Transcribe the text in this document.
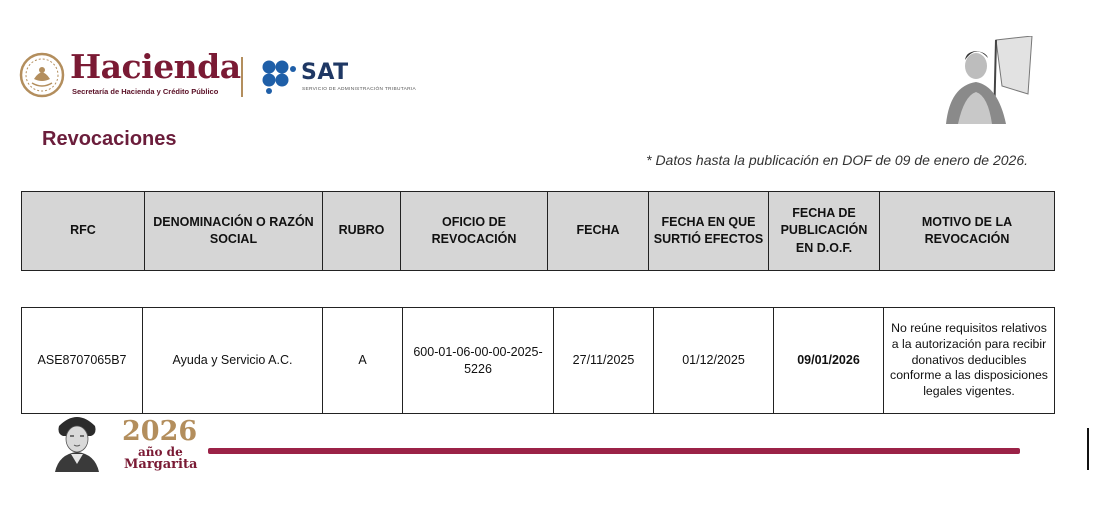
Hacienda
Secretaría de Hacienda y Crédito Público
SAT
SERVICIO DE ADMINISTRACIÓN TRIBUTARIA
Revocaciones
* Datos hasta la publicación en DOF de 09 de enero de 2026.
RFC	DENOMINACIÓN O RAZÓN SOCIAL	RUBRO	OFICIO DE REVOCACIÓN	FECHA	FECHA EN QUE SURTIÓ EFECTOS	FECHA DE PUBLICACIÓN EN D.O.F.	MOTIVO DE LA REVOCACIÓN
ASE8707065B7	Ayuda y Servicio A.C.	A	600-01-06-00-00-2025-5226	27/11/2025	01/12/2025	09/01/2026	No reúne requisitos relativos a la autorización para recibir donativos deducibles conforme a las disposiciones legales vigentes.
2026
año de
Margarita
